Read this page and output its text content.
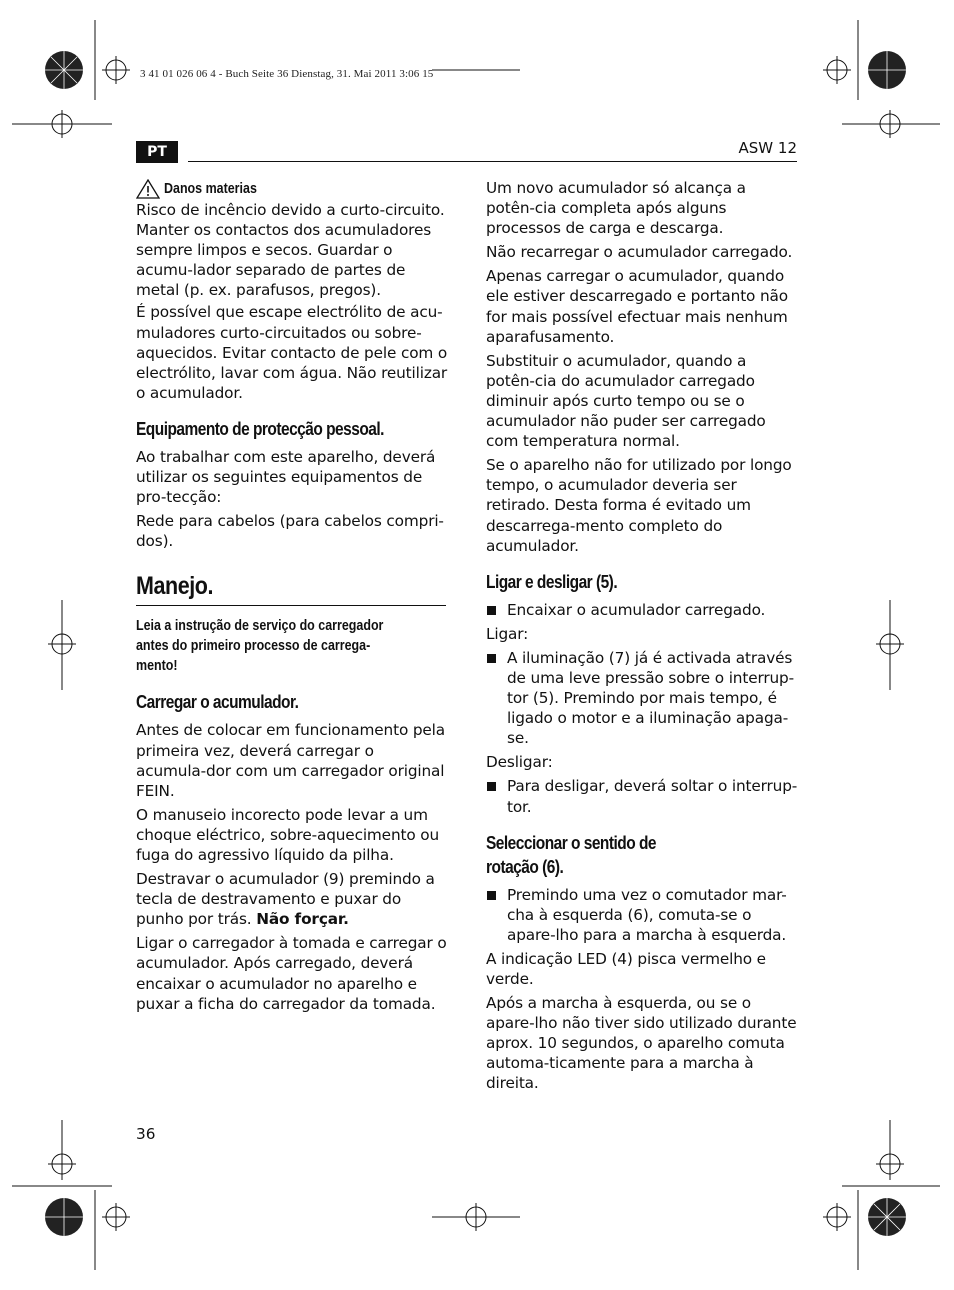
3 41 01 026 06 4 - Buch Seite 36 Dienstag, 31. Mai 2011 3:06 15
PT	ASW 12
Danos materias

Risco de incêncio devido a curto-circuito. Manter os contactos dos acumuladores sempre limpos e secos. Guardar o acumu-lador separado de partes de metal (p. ex. parafusos, pregos).

É possível que escape electrólito de acu-muladores curto-circuitados ou sobre-aquecidos. Evitar contacto de pele com o electrólito, lavar com água. Não reutilizar o acumulador.

Equipamento de protecção pessoal.

Ao trabalhar com este aparelho, deverá utilizar os seguintes equipamentos de pro-tecção:

Rede para cabelos (para cabelos compri-dos).

Manejo.
Leia a instrução de serviço do carregador
antes do primeiro processo de carrega-
mento!
Carregar o acumulador.

Antes de colocar em funcionamento pela primeira vez, deverá carregar o acumula-dor com um carregador original FEIN.

O manuseio incorecto pode levar a um choque eléctrico, sobre-aquecimento ou fuga do agressivo líquido da pilha.

Destravar o acumulador (9) premindo a tecla de destravamento e puxar do punho por trás. Não forçar.

Ligar o carregador à tomada e carregar o acumulador. Após carregado, deverá encaixar o acumulador no aparelho e puxar a ficha do carregador da tomada.

Um novo acumulador só alcança a potên-cia completa após alguns processos de carga e descarga.

Não recarregar o acumulador carregado.

Apenas carregar o acumulador, quando ele estiver descarregado e portanto não for mais possível efectuar mais nenhum aparafusamento.

Substituir o acumulador, quando a potên-cia do acumulador carregado diminuir após curto tempo ou se o acumulador não puder ser carregado com temperatura normal.

Se o aparelho não for utilizado por longo tempo, o acumulador deveria ser retirado. Desta forma é evitado um descarrega-mento completo do acumulador.

Ligar e desligar (5).
Encaixar o acumulador carregado.

Ligar:

A iluminação (7) já é activada através de uma leve pressão sobre o interrup-tor (5). Premindo por mais tempo, é ligado o motor e a iluminação apaga-se.

Desligar:

Para desligar, deverá soltar o interrup-tor.
Seleccionar o sentido de
rotação (6).
Premindo uma vez o comutador mar-cha à esquerda (6), comuta-se o apare-lho para a marcha à esquerda.

A indicação LED (4) pisca vermelho e verde.

Após a marcha à esquerda, ou se o apare-lho não tiver sido utilizado durante aprox. 10 segundos, o aparelho comuta automa-ticamente para a marcha à direita.

36
